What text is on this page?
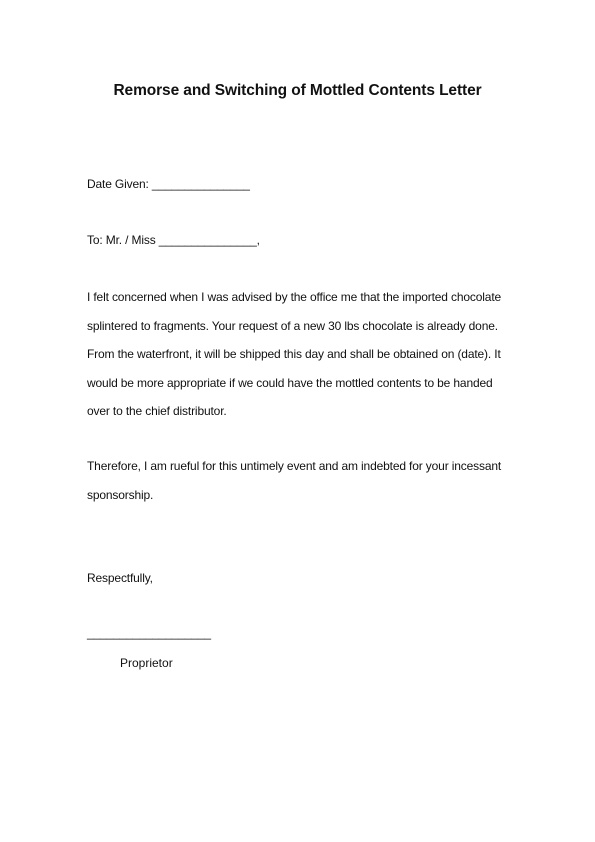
Remorse and Switching of Mottled Contents Letter
Date Given: _______________
To: Mr. / Miss _______________,
I felt concerned when I was advised by the office me that the imported chocolate
splintered to fragments. Your request of a new 30 lbs chocolate is already done.
From the waterfront, it will be shipped this day and shall be obtained on (date). It
would be more appropriate if we could have the mottled contents to be handed
over to the chief distributor.
Therefore, I am rueful for this untimely event and am indebted for your incessant
sponsorship.
Respectfully,
___________________
Proprietor
